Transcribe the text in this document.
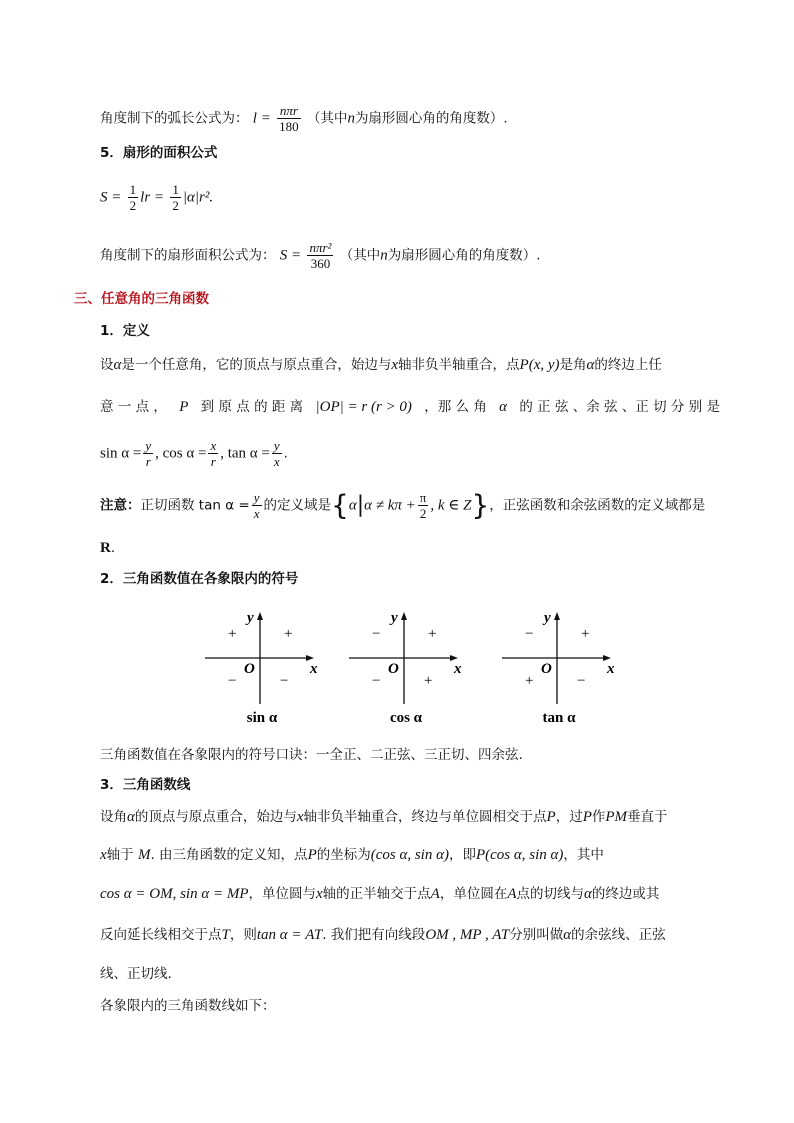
角度制下的弧长公式为： $l = \frac{\text{nπr}}{180}$ （其中n为扇形圆心角的角度数）.
5．扇形的面积公式
$S = \frac{1}{2}$ lr = $\frac{1}{2} |\alpha|r^2$.
角度制下的扇形面积公式为： $S = \frac{\text{nπr²}}{360}$ （其中n为扇形圆心角的角度数）.
三、任意角的三角函数
1．定义
设α是一个任意角，它的顶点与原点重合，始边与x轴非负半轴重合，点P(x, y)是角α的终边上任
意 一 点 ， P 到 原 点 的 距 离 |OP| = r (r > 0) ，那 么 角 α 的 正 弦 、余 弦 、正 切 分 别 是
$\sin \alpha = \frac{y}{r}$ , $\cos \alpha = \frac{x}{r}$ , $\tan \alpha = \frac{y}{x}$ .
注意：正切函数 $\tan \alpha = \frac{y}{x}$ 的定义域是{$\alpha|\alpha \ne k\pi + \frac{\pi}{2}$ , k ∈ Z}，正弦函数和余弦函数的定义域都是
R.
2．三角函数值在各象限内的符号
y
x
O
+
+
−	−
sin α
y
x
O
+
−
−	+
cos α
y
x
O
+
−
+	−
tan α
三角函数值在各象限内的符号口诀：一全正、二正弦、三正切、四余弦.
3．三角函数线
设角α的顶点与原点重合，始边与x轴非负半轴重合，终边与单位圆相交于点P，过P作PM垂直于
x轴于 M. 由三角函数的定义知，点P的坐标为(cos α, sin α)，即P(cos α, sin α)，其中
cos α = OM, sin α = MP，单位圆与x轴的正半轴交于点A，单位圆在A点的切线与α的终边或其
反向延长线相交于点T，则tan α = AT. 我们把有向线段OM , MP , AT分别叫做α的余弦线、正弦
线、正切线.
各象限内的三角函数线如下：
